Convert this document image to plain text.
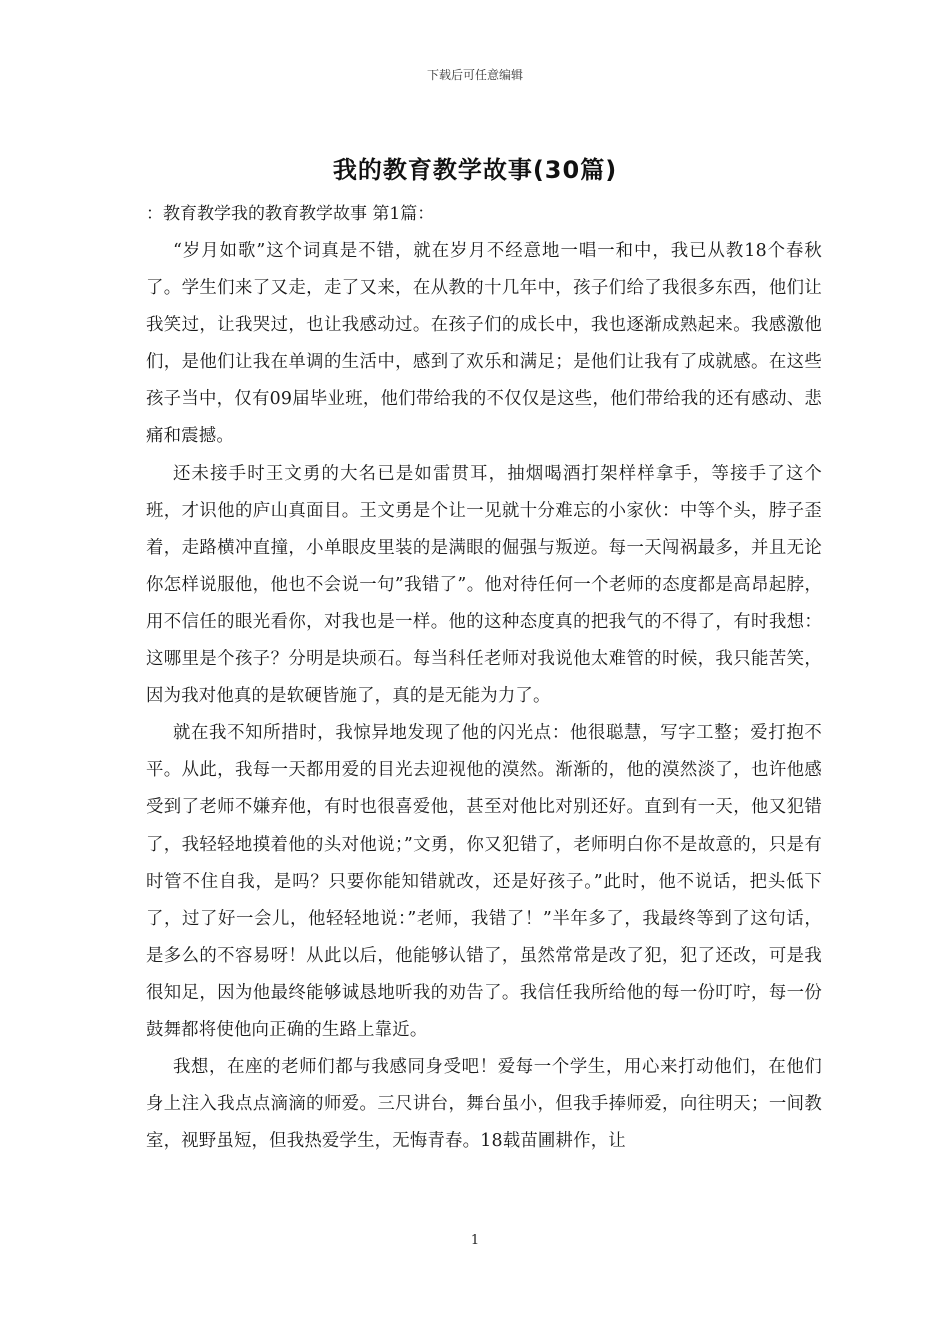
下载后可任意编辑
我的教育教学故事(30篇)

：教育教学我的教育教学故事 第1篇：

“岁月如歌”这个词真是不错，就在岁月不经意地一唱一和中，我已从教18个春秋了。学生们来了又走，走了又来，在从教的十几年中，孩子们给了我很多东西，他们让我笑过，让我哭过，也让我感动过。在孩子们的成长中，我也逐渐成熟起来。我感激他们，是他们让我在单调的生活中，感到了欢乐和满足；是他们让我有了成就感。在这些孩子当中，仅有09届毕业班，他们带给我的不仅仅是这些，他们带给我的还有感动、悲痛和震撼。

还未接手时王文勇的大名已是如雷贯耳，抽烟喝酒打架样样拿手，等接手了这个班，才识他的庐山真面目。王文勇是个让一见就十分难忘的小家伙：中等个头，脖子歪着，走路横冲直撞，小单眼皮里装的是满眼的倔强与叛逆。每一天闯祸最多，并且无论你怎样说服他，他也不会说一句”我错了”。他对待任何一个老师的态度都是高昂起脖，用不信任的眼光看你，对我也是一样。他的这种态度真的把我气的不得了，有时我想：这哪里是个孩子？分明是块顽石。每当科任老师对我说他太难管的时候，我只能苦笑，因为我对他真的是软硬皆施了，真的是无能为力了。

就在我不知所措时，我惊异地发现了他的闪光点：他很聪慧，写字工整；爱打抱不平。从此，我每一天都用爱的目光去迎视他的漠然。渐渐的，他的漠然淡了，也许他感受到了老师不嫌弃他，有时也很喜爱他，甚至对他比对别还好。直到有一天，他又犯错了，我轻轻地摸着他的头对他说；”文勇，你又犯错了，老师明白你不是故意的，只是有时管不住自我，是吗？只要你能知错就改，还是好孩子。”此时，他不说话，把头低下了，过了好一会儿，他轻轻地说：”老师，我错了！”半年多了，我最终等到了这句话，是多么的不容易呀！从此以后，他能够认错了，虽然常常是改了犯，犯了还改，可是我很知足，因为他最终能够诚恳地听我的劝告了。我信任我所给他的每一份叮咛，每一份鼓舞都将使他向正确的生路上靠近。

我想，在座的老师们都与我感同身受吧！爱每一个学生，用心来打动他们，在他们身上注入我点点滴滴的师爱。三尺讲台，舞台虽小，但我手捧师爱，向往明天；一间教室，视野虽短，但我热爱学生，无悔青春。18载苗圃耕作，让

1
